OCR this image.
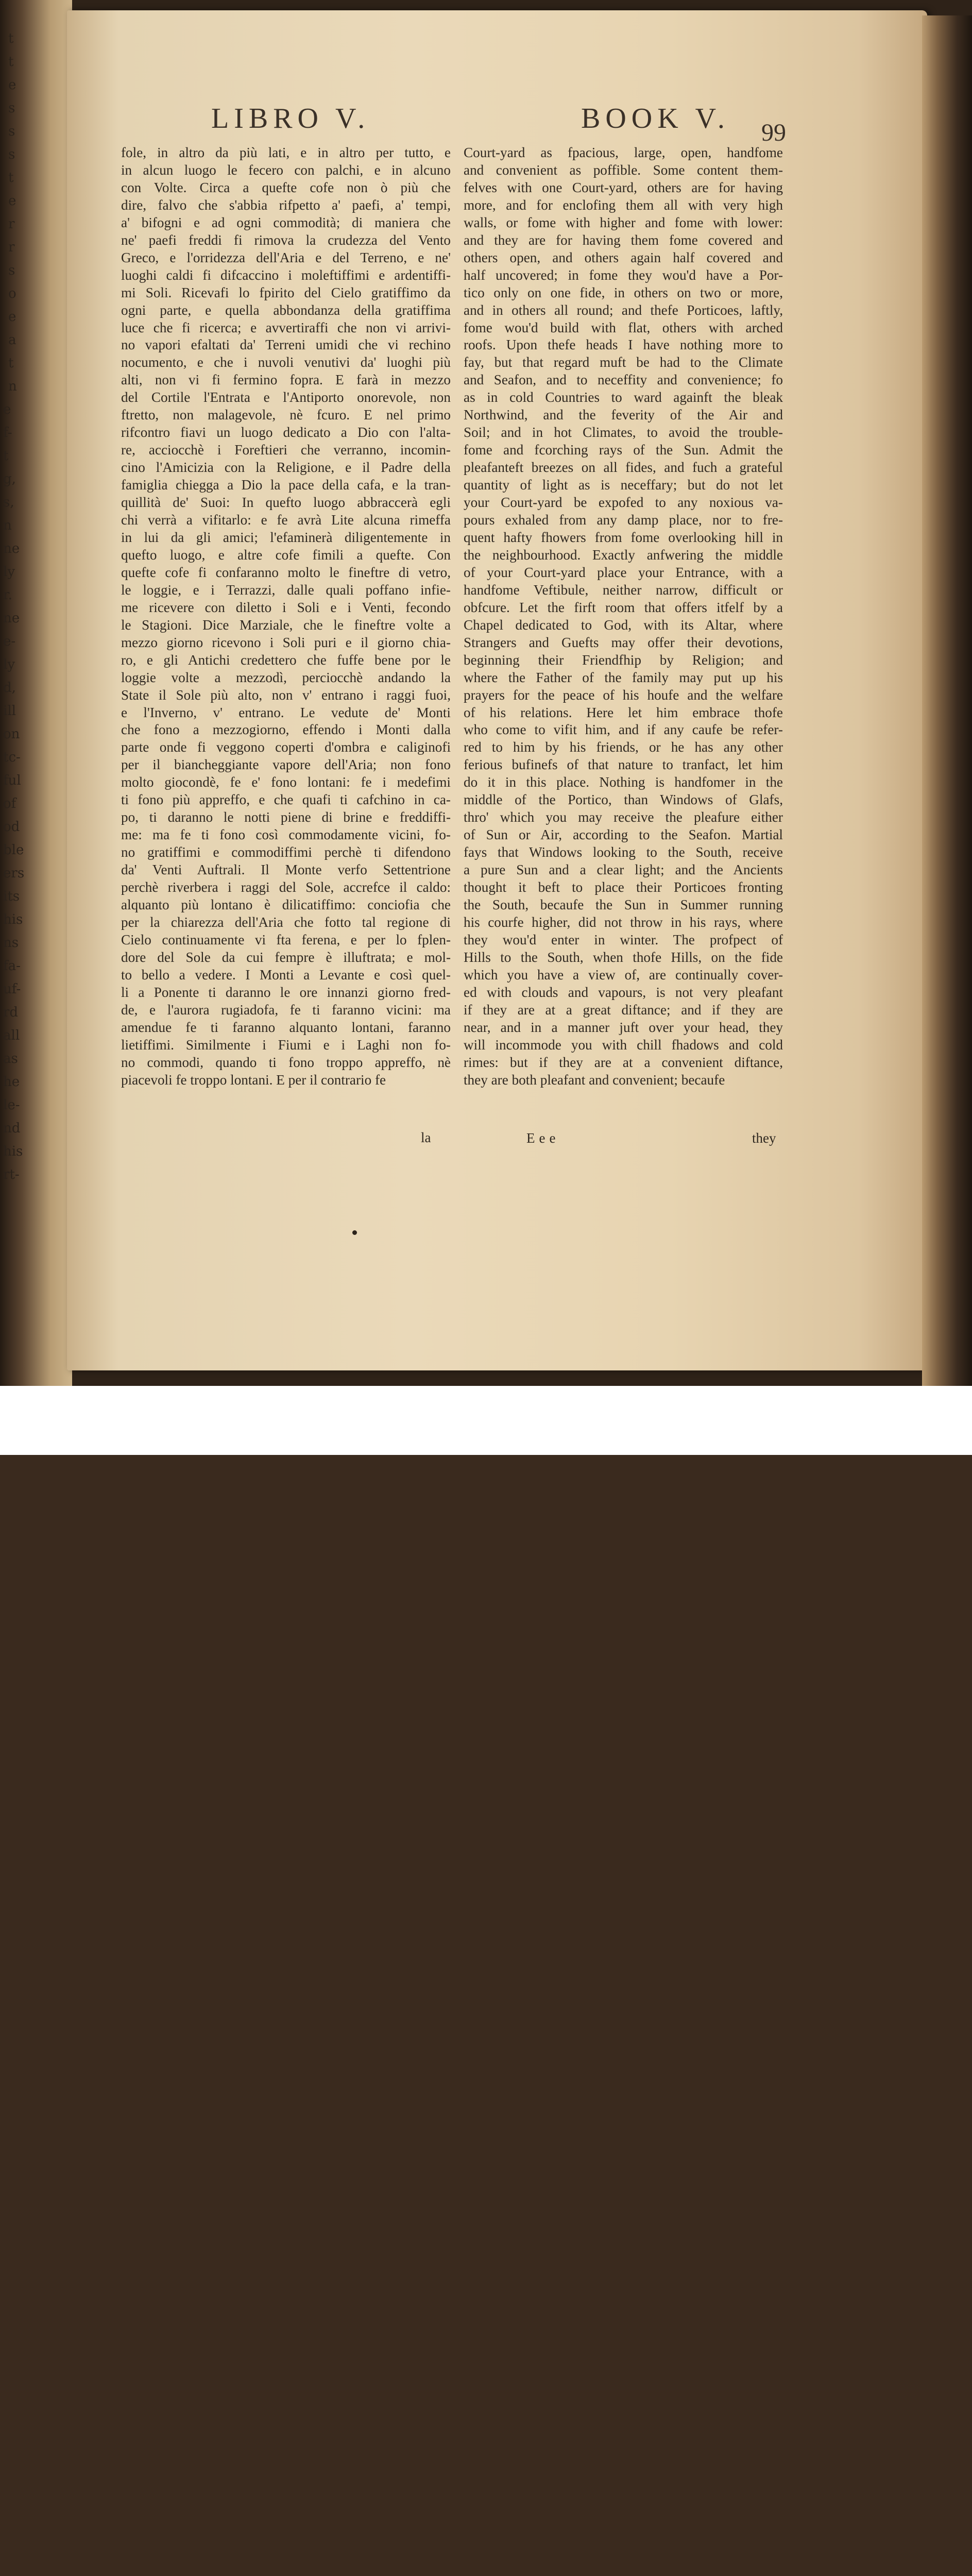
t
t
e
s
s
s
t
e
r
r
s
o
e
a
t
n
e
f-
t
g,
s,
n
ne
ly
r.
ne
e-
ly
d,
ill
on
tc-
ful
of
od
ble
ers
its
his
ns
fa-
uf-
rd
all
as
he
le-
nd
his
rt-
LIBRO V.	BOOK V. 99
fole, in altro da più lati, e in altro per tutto, e
in alcun luogo le fecero con palchi, e in alcuno
con Volte. Circa a quefte cofe non ò più che
dire, falvo che s'abbia rifpetto a' paefi, a' tempi,
a' bifogni e ad ogni commodità; di maniera che
ne' paefi freddi fi rimova la crudezza del Vento
Greco, e l'orridezza dell'Aria e del Terreno, e ne'
luoghi caldi fi difcaccino i moleftiffimi e ardentiffi-
mi Soli. Ricevafi lo fpirito del Cielo gratiffimo da
ogni parte, e quella abbondanza della gratiffima
luce che fi ricerca; e avvertiraffi che non vi arrivi-
no vapori efaltati da' Terreni umidi che vi rechino
nocumento, e che i nuvoli venutivi da' luoghi più
alti, non vi fi fermino fopra. E farà in mezzo
del Cortile l'Entrata e l'Antiporto onorevole, non
ftretto, non malagevole, nè fcuro. E nel primo
rifcontro fiavi un luogo dedicato a Dio con l'alta-
re, acciocchè i Foreftieri che verranno, incomin-
cino l'Amicizia con la Religione, e il Padre della
famiglia chiegga a Dio la pace della cafa, e la tran-
quillità de' Suoi: In quefto luogo abbraccerà egli
chi verrà a vifitarlo: e fe avrà Lite alcuna rimeffa
in lui da gli amici; l'efaminerà diligentemente in
quefto luogo, e altre cofe fimili a quefte. Con
quefte cofe fi confaranno molto le fineftre di vetro,
le loggie, e i Terrazzi, dalle quali poffano infie-
me ricevere con diletto i Soli e i Venti, fecondo
le Stagioni. Dice Marziale, che le fineftre volte a
mezzo giorno ricevono i Soli puri e il giorno chia-
ro, e gli Antichi credettero che fuffe bene por le
loggie volte a mezzodì, perciocchè andando la
State il Sole più alto, non v' entrano i raggi fuoi,
e l'Inverno, v' entrano. Le vedute de' Monti
che fono a mezzogiorno, effendo i Monti dalla
parte onde fi veggono coperti d'ombra e caliginofi
per il biancheggiante vapore dell'Aria; non fono
molto giocondè, fe e' fono lontani: fe i medefimi
ti fono più appreffo, e che quafi ti cafchino in ca-
po, ti daranno le notti piene di brine e freddiffi-
me: ma fe ti fono così commodamente vicini, fo-
no gratiffimi e commodiffimi perchè ti difendono
da' Venti Auftrali. Il Monte verfo Settentrione
perchè riverbera i raggi del Sole, accrefce il caldo:
alquanto più lontano è dilicatiffimo: conciofia che
per la chiarezza dell'Aria che fotto tal regione di
Cielo continuamente vi fta ferena, e per lo fplen-
dore del Sole da cui fempre è illuftrata; e mol-
to bello a vedere. I Monti a Levante e così quel-
li a Ponente ti daranno le ore innanzi giorno fred-
de, e l'aurora rugiadofa, fe ti faranno vicini: ma
amendue fe ti faranno alquanto lontani, faranno
lietiffimi. Similmente i Fiumi e i Laghi non fo-
no commodi, quando ti fono troppo appreffo, nè
piacevoli fe troppo lontani. E per il contrario fe
Court-yard as fpacious, large, open, handfome
and convenient as poffible. Some content them-
felves with one Court-yard, others are for having
more, and for enclofing them all with very high
walls, or fome with higher and fome with lower:
and they are for having them fome covered and
others open, and others again half covered and
half uncovered; in fome they wou'd have a Por-
tico only on one fide, in others on two or more,
and in others all round; and thefe Porticoes, laftly,
fome wou'd build with flat, others with arched
roofs. Upon thefe heads I have nothing more to
fay, but that regard muft be had to the Climate
and Seafon, and to neceffity and convenience; fo
as in cold Countries to ward againft the bleak
Northwind, and the feverity of the Air and
Soil; and in hot Climates, to avoid the trouble-
fome and fcorching rays of the Sun. Admit the
pleafanteft breezes on all fides, and fuch a grateful
quantity of light as is neceffary; but do not let
your Court-yard be expofed to any noxious va-
pours exhaled from any damp place, nor to fre-
quent hafty fhowers from fome overlooking hill in
the neighbourhood. Exactly anfwering the middle
of your Court-yard place your Entrance, with a
handfome Veftibule, neither narrow, difficult or
obfcure. Let the firft room that offers itfelf by a
Chapel dedicated to God, with its Altar, where
Strangers and Guefts may offer their devotions,
beginning their Friendfhip by Religion; and
where the Father of the family may put up his
prayers for the peace of his houfe and the welfare
of his relations. Here let him embrace thofe
who come to vifit him, and if any caufe be refer-
red to him by his friends, or he has any other
ferious bufinefs of that nature to tranfact, let him
do it in this place. Nothing is handfomer in the
middle of the Portico, than Windows of Glafs,
thro' which you may receive the pleafure either
of Sun or Air, according to the Seafon. Martial
fays that Windows looking to the South, receive
a pure Sun and a clear light; and the Ancients
thought it beft to place their Porticoes fronting
the South, becaufe the Sun in Summer running
his courfe higher, did not throw in his rays, where
they wou'd enter in winter. The profpect of
Hills to the South, when thofe Hills, on the fide
which you have a view of, are continually cover-
ed with clouds and vapours, is not very pleafant
if they are at a great diftance; and if they are
near, and in a manner juft over your head, they
will incommode you with chill fhadows and cold
rimes: but if they are at a convenient diftance,
they are both pleafant and convenient; becaufe
la	Eee	they
